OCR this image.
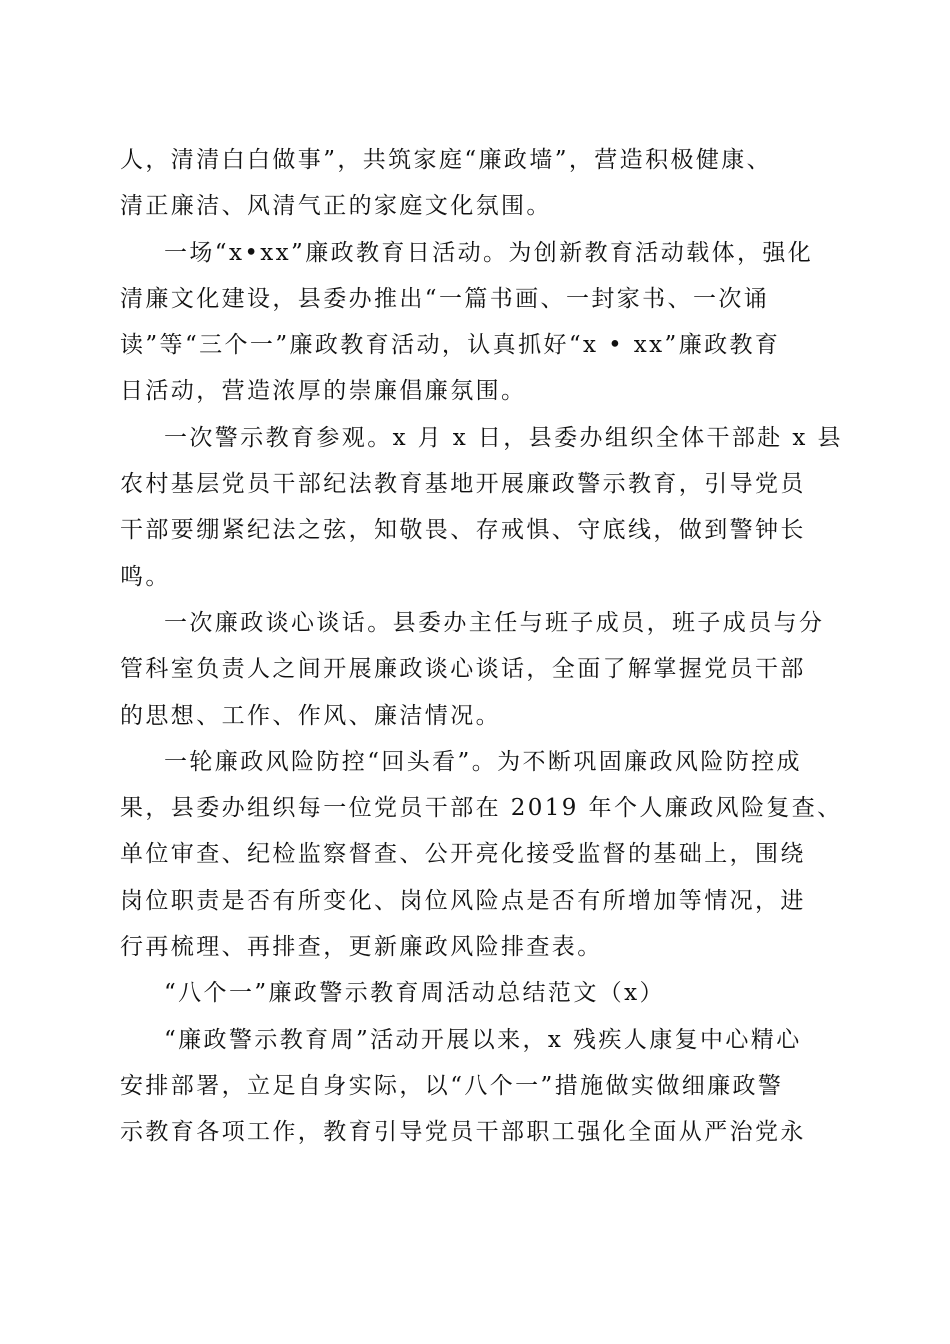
人，清清白白做事”，共筑家庭“廉政墙”，营造积极健康、
清正廉洁、风清气正的家庭文化氛围。
一场“x•xx”廉政教育日活动。为创新教育活动载体，强化
清廉文化建设，县委办推出“一篇书画、一封家书、一次诵
读”等“三个一”廉政教育活动，认真抓好“x • xx”廉政教育
日活动，营造浓厚的崇廉倡廉氛围。
一次警示教育参观。x 月 x 日，县委办组织全体干部赴 x 县
农村基层党员干部纪法教育基地开展廉政警示教育，引导党员
干部要绷紧纪法之弦，知敬畏、存戒惧、守底线，做到警钟长
鸣。
一次廉政谈心谈话。县委办主任与班子成员，班子成员与分
管科室负责人之间开展廉政谈心谈话，全面了解掌握党员干部
的思想、工作、作风、廉洁情况。
一轮廉政风险防控“回头看”。为不断巩固廉政风险防控成
果，县委办组织每一位党员干部在 2019 年个人廉政风险复查、
单位审查、纪检监察督查、公开亮化接受监督的基础上，围绕
岗位职责是否有所变化、岗位风险点是否有所增加等情况，进
行再梳理、再排查，更新廉政风险排查表。
“八个一”廉政警示教育周活动总结范文（x）
“廉政警示教育周”活动开展以来，x 残疾人康复中心精心
安排部署，立足自身实际，以“八个一”措施做实做细廉政警
示教育各项工作，教育引导党员干部职工强化全面从严治党永
